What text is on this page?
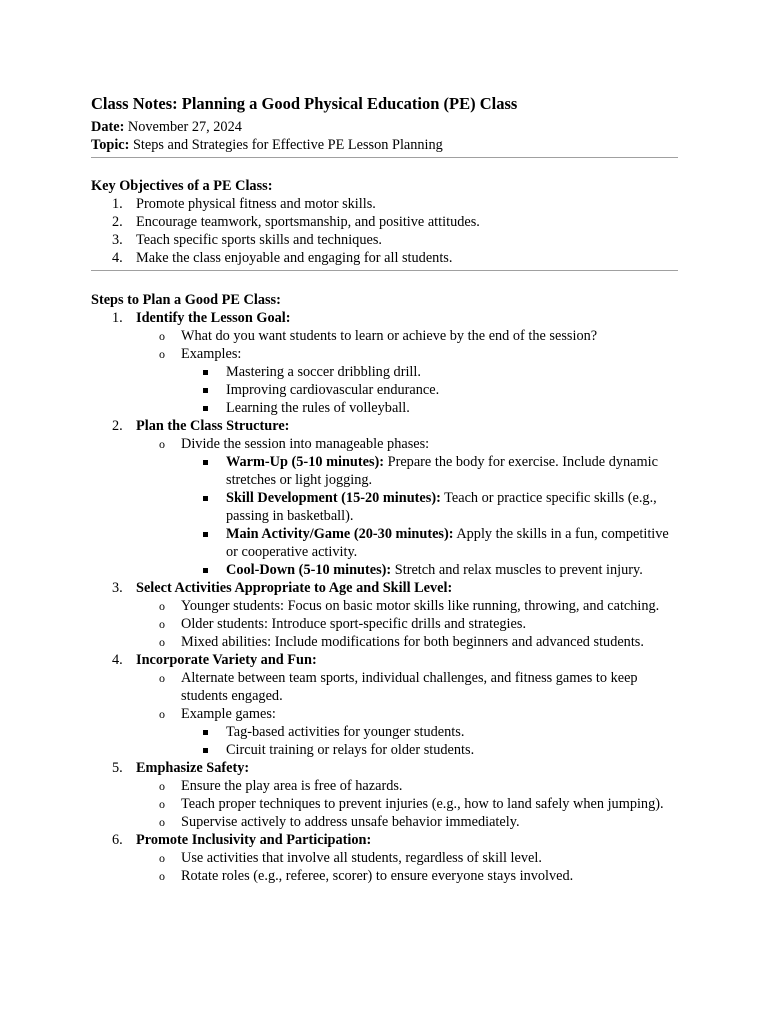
Class Notes: Planning a Good Physical Education (PE) Class

Date: November 27, 2024

Topic: Steps and Strategies for Effective PE Lesson Planning

Key Objectives of a PE Class:
1. Promote physical fitness and motor skills.
2. Encourage teamwork, sportsmanship, and positive attitudes.
3. Teach specific sports skills and techniques.
4. Make the class enjoyable and engaging for all students.
Steps to Plan a Good PE Class:
1. Identify the Lesson Goal:
o What do you want students to learn or achieve by the end of the session?
o Examples:
Mastering a soccer dribbling drill.
Improving cardiovascular endurance.
Learning the rules of volleyball.
2. Plan the Class Structure:
o Divide the session into manageable phases:
Warm-Up (5-10 minutes): Prepare the body for exercise. Include dynamic stretches or light jogging.
Skill Development (15-20 minutes): Teach or practice specific skills (e.g., passing in basketball).
Main Activity/Game (20-30 minutes): Apply the skills in a fun, competitive or cooperative activity.
Cool-Down (5-10 minutes): Stretch and relax muscles to prevent injury.
3. Select Activities Appropriate to Age and Skill Level:
o Younger students: Focus on basic motor skills like running, throwing, and catching.
o Older students: Introduce sport-specific drills and strategies.
o Mixed abilities: Include modifications for both beginners and advanced students.
4. Incorporate Variety and Fun:
o Alternate between team sports, individual challenges, and fitness games to keep students engaged.
o Example games:
Tag-based activities for younger students.
Circuit training or relays for older students.
5. Emphasize Safety:
o Ensure the play area is free of hazards.
o Teach proper techniques to prevent injuries (e.g., how to land safely when jumping).
o Supervise actively to address unsafe behavior immediately.
6. Promote Inclusivity and Participation:
o Use activities that involve all students, regardless of skill level.
o Rotate roles (e.g., referee, scorer) to ensure everyone stays involved.
